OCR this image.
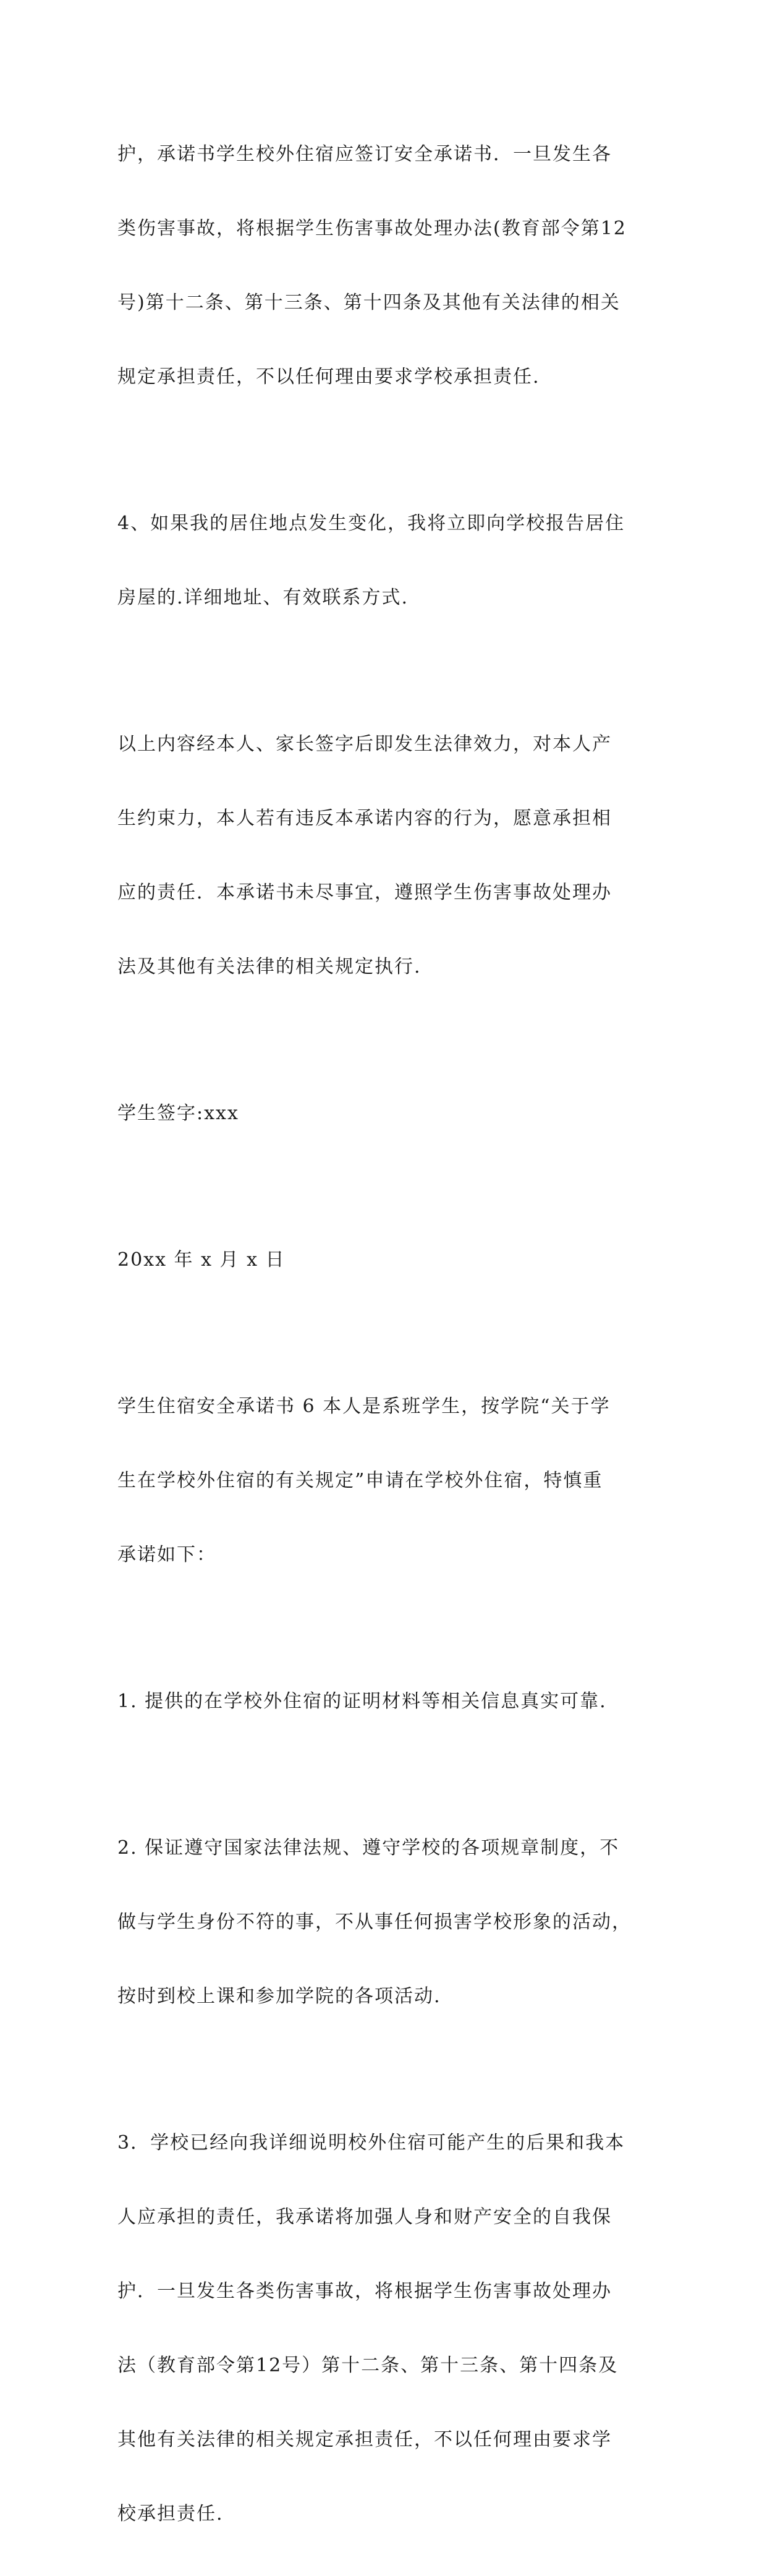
护，承诺书学生校外住宿应签订安全承诺书．一旦发生各

类伤害事故，将根据学生伤害事故处理办法(教育部令第12

号)第十二条、第十三条、第十四条及其他有关法律的相关

规定承担责任，不以任何理由要求学校承担责任.

4、如果我的居住地点发生变化，我将立即向学校报告居住

房屋的.详细地址、有效联系方式.

以上内容经本人、家长签字后即发生法律效力，对本人产

生约束力，本人若有违反本承诺内容的行为，愿意承担相

应的责任．本承诺书未尽事宜，遵照学生伤害事故处理办

法及其他有关法律的相关规定执行.

学生签字:xxx

20xx 年 x 月 x 日

学生住宿安全承诺书 6 本人是系班学生，按学院“关于学

生在学校外住宿的有关规定”申请在学校外住宿，特慎重

承诺如下：

1. 提供的在学校外住宿的证明材料等相关信息真实可靠.

2. 保证遵守国家法律法规、遵守学校的各项规章制度，不

做与学生身份不符的事，不从事任何损害学校形象的活动，

按时到校上课和参加学院的各项活动.

3．学校已经向我详细说明校外住宿可能产生的后果和我本

人应承担的责任，我承诺将加强人身和财产安全的自我保

护．一旦发生各类伤害事故，将根据学生伤害事故处理办

法（教育部令第12号）第十二条、第十三条、第十四条及

其他有关法律的相关规定承担责任，不以任何理由要求学

校承担责任.
